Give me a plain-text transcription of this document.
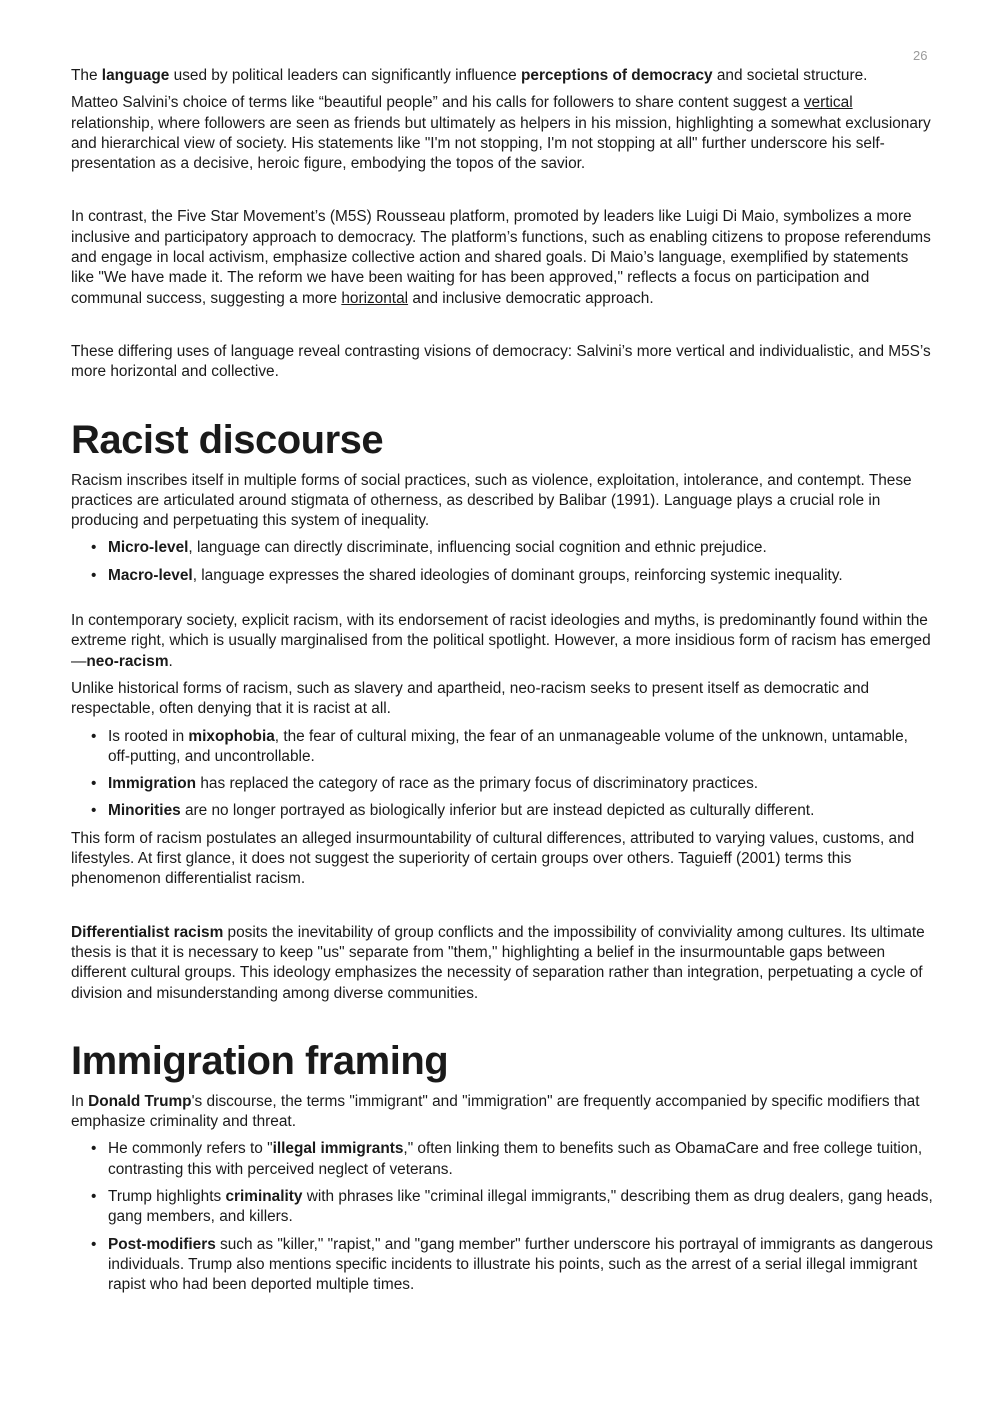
26

The language used by political leaders can significantly influence perceptions of democracy and societal structure.

Matteo Salvini’s choice of terms like “beautiful people” and his calls for followers to share content suggest a vertical relationship, where followers are seen as friends but ultimately as helpers in his mission, highlighting a somewhat exclusionary and hierarchical view of society. His statements like "I'm not stopping, I'm not stopping at all" further underscore his self-presentation as a decisive, heroic figure, embodying the topos of the savior.

In contrast, the Five Star Movement’s (M5S) Rousseau platform, promoted by leaders like Luigi Di Maio, symbolizes a more inclusive and participatory approach to democracy. The platform’s functions, such as enabling citizens to propose referendums and engage in local activism, emphasize collective action and shared goals. Di Maio’s language, exemplified by statements like "We have made it. The reform we have been waiting for has been approved," reflects a focus on participation and communal success, suggesting a more horizontal and inclusive democratic approach.

These differing uses of language reveal contrasting visions of democracy: Salvini’s more vertical and individualistic, and M5S’s more horizontal and collective.

Racist discourse

Racism inscribes itself in multiple forms of social practices, such as violence, exploitation, intolerance, and contempt. These practices are articulated around stigmata of otherness, as described by Balibar (1991). Language plays a crucial role in producing and perpetuating this system of inequality.

• Micro-level, language can directly discriminate, influencing social cognition and ethnic prejudice.
• Macro-level, language expresses the shared ideologies of dominant groups, reinforcing systemic inequality.

In contemporary society, explicit racism, with its endorsement of racist ideologies and myths, is predominantly found within the extreme right, which is usually marginalised from the political spotlight. However, a more insidious form of racism has emerged—neo-racism.

Unlike historical forms of racism, such as slavery and apartheid, neo-racism seeks to present itself as democratic and respectable, often denying that it is racist at all.

• Is rooted in mixophobia, the fear of cultural mixing, the fear of an unmanageable volume of the unknown, untamable, off-putting, and uncontrollable.
• Immigration has replaced the category of race as the primary focus of discriminatory practices.
• Minorities are no longer portrayed as biologically inferior but are instead depicted as culturally different.

This form of racism postulates an alleged insurmountability of cultural differences, attributed to varying values, customs, and lifestyles. At first glance, it does not suggest the superiority of certain groups over others. Taguieff (2001) terms this phenomenon differentialist racism.

Differentialist racism posits the inevitability of group conflicts and the impossibility of conviviality among cultures. Its ultimate thesis is that it is necessary to keep "us" separate from "them," highlighting a belief in the insurmountable gaps between different cultural groups. This ideology emphasizes the necessity of separation rather than integration, perpetuating a cycle of division and misunderstanding among diverse communities.

Immigration framing

In Donald Trump's discourse, the terms "immigrant" and "immigration" are frequently accompanied by specific modifiers that emphasize criminality and threat.

• He commonly refers to "illegal immigrants," often linking them to benefits such as ObamaCare and free college tuition, contrasting this with perceived neglect of veterans.
• Trump highlights criminality with phrases like "criminal illegal immigrants," describing them as drug dealers, gang heads, gang members, and killers.
• Post-modifiers such as "killer," "rapist," and "gang member" further underscore his portrayal of immigrants as dangerous individuals. Trump also mentions specific incidents to illustrate his points, such as the arrest of a serial illegal immigrant rapist who had been deported multiple times.
